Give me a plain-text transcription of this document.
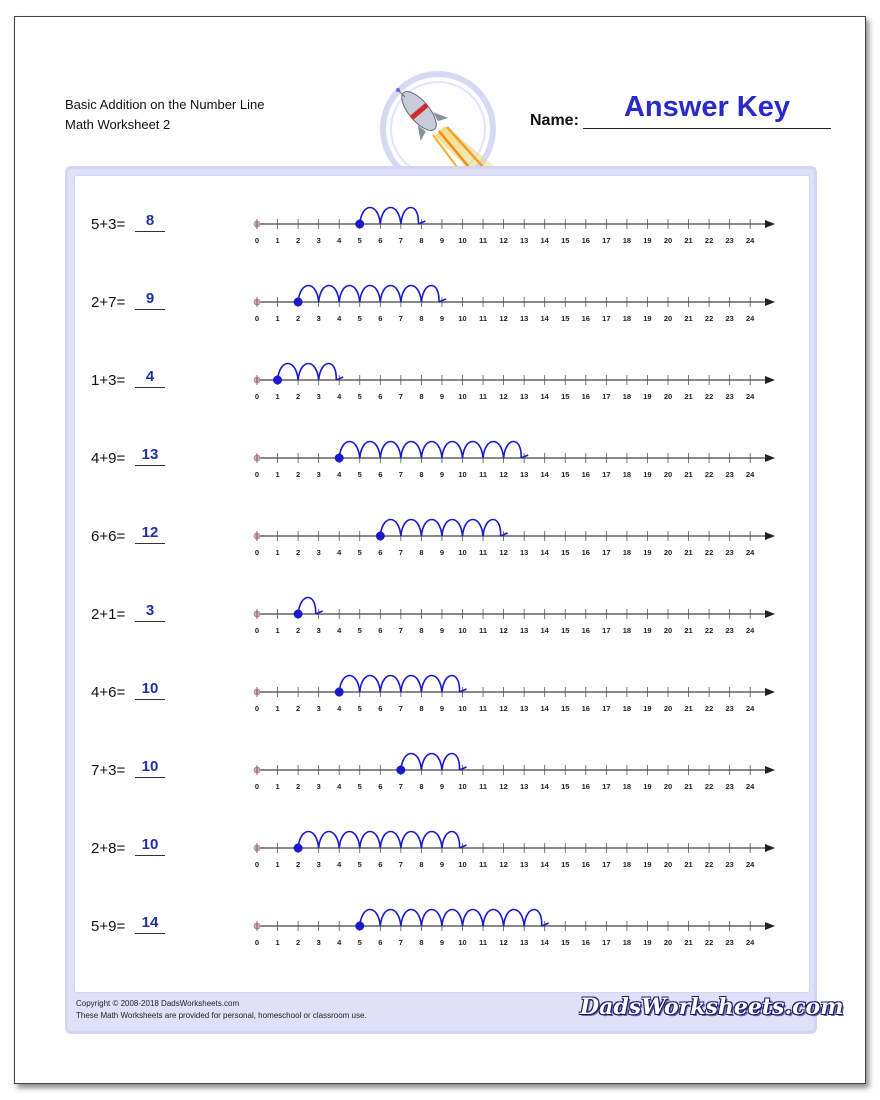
Basic Addition on the Number Line
Math Worksheet 2
Answer Key
Name:
5+3=	8
2+7=	9
1+3=	4
4+9=	13
6+6=	12
2+1=	3
4+6=	10
7+3=	10
2+8=	10
5+9=	14
0 1 2 3 4 5 6 7 8 9 10 11 12 13 14 15 16 17 18 19 20 21 22 23 24
0 1 2 3 4 5 6 7 8 9 10 11 12 13 14 15 16 17 18 19 20 21 22 23 24
0 1 2 3 4 5 6 7 8 9 10 11 12 13 14 15 16 17 18 19 20 21 22 23 24
0 1 2 3 4 5 6 7 8 9 10 11 12 13 14 15 16 17 18 19 20 21 22 23 24
0 1 2 3 4 5 6 7 8 9 10 11 12 13 14 15 16 17 18 19 20 21 22 23 24
0 1 2 3 4 5 6 7 8 9 10 11 12 13 14 15 16 17 18 19 20 21 22 23 24
0 1 2 3 4 5 6 7 8 9 10 11 12 13 14 15 16 17 18 19 20 21 22 23 24
0 1 2 3 4 5 6 7 8 9 10 11 12 13 14 15 16 17 18 19 20 21 22 23 24
0 1 2 3 4 5 6 7 8 9 10 11 12 13 14 15 16 17 18 19 20 21 22 23 24
0 1 2 3 4 5 6 7 8 9 10 11 12 13 14 15 16 17 18 19 20 21 22 23 24
Copyright © 2008-2018 DadsWorksheets.com
These Math Worksheets are provided for personal, homeschool or classroom use.	DadsWorksheets.com
